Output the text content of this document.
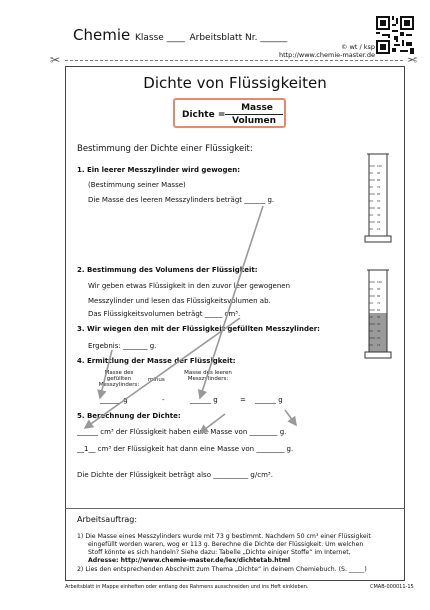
Chemie Klasse ____ Arbeitsblatt Nr. ______
© wt / ksp
http://www.chemie-master.de
✂	✂
Dichte von Flüssigkeiten
Dichte =
Masse
Volumen
Bestimmung der Dichte einer Flüssigkeit:
1. Ein leerer Messzylinder wird gewogen:
(Bestimmung seiner Masse)
Die Masse des leeren Messzylinders beträgt ______ g.
2. Bestimmung des Volumens der Flüssigkeit:
Wir geben etwas Flüssigkeit in den zuvor leer gewogenen
Messzylinder und lesen das Flüssigkeitsvolumen ab.
Das Flüssigkeitsvolumen beträgt _____ cm³.
3. Wir wiegen den mit der Flüssigkeit gefüllten Messzylinder:
Ergebnis: _______ g.
4. Ermittlung der Masse der Flüssigkeit:
Masse des gefüllten Messzylinders:
minus
Masse des leeren Messzylinders:
______ g	-	______ g	= ______ g
5. Berechnung der Dichte:
______ cm³ der Flüssigkeit haben eine Masse von ________ g.
__1__ cm³ der Flüssigkeit hat dann eine Masse von ________ g.
Die Dichte der Flüssigkeit beträgt also __________ g/cm³.
100
90
80
70
60
50
40
30
20
10
100
90
80
70
60
50
40
30
20
10
Arbeitsauftrag:
1) Die Masse eines Messzylinders wurde mit 73 g bestimmt. Nachdem 50 cm³ einer Flüssigkeit
eingefüllt worden waren, wog er 113 g. Berechne die Dichte der Flüssigkeit. Um welchen
Stoff könnte es sich handeln? Siehe dazu: Tabelle „Dichte einiger Stoffe“ im Internet,
Adresse: http://www.chemie-master.de/lex/dichtetab.html
2) Lies den entsprechenden Abschnitt zum Thema „Dichte“ in deinem Chemiebuch. (S. _____)
Arbeitsblatt in Mappe einheften oder entlang des Rahmens ausschneiden und ins Heft einkleben.	CMAB-000011-15
